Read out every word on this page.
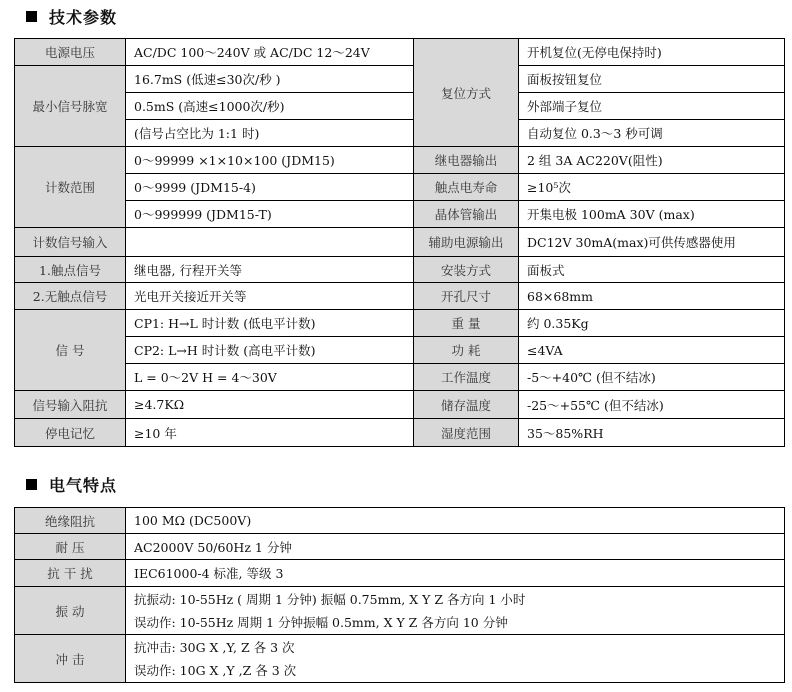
技术参数
电源电压	AC/DC 100～240V 或 AC/DC 12～24V	复位方式	开机复位(无停电保持时)
最小信号脉宽	16.7mS (低速≤30次/秒 )		面板按钮复位
	0.5mS (高速≤1000次/秒)		外部端子复位
	(信号占空比为 1:1 时)		自动复位 0.3～3 秒可调
计数范围	0～99999 ×1×10×100 (JDM15)	继电器输出	2 组 3A AC220V(阻性)
	0～9999 (JDM15-4)	触点电寿命	≥10⁵次
	0～999999 (JDM15-T)	晶体管输出	开集电极 100mA 30V (max)
计数信号输入		辅助电源输出	DC12V 30mA(max)可供传感器使用
1.触点信号	继电器, 行程开关等	安装方式	面板式
2.无触点信号	光电开关接近开关等	开孔尺寸	68×68mm
信 号	CP1: H→L 时计数 (低电平计数)	重 量	约 0.35Kg
	CP2: L→H 时计数 (高电平计数)	功 耗	≤4VA
	L = 0～2V H = 4～30V	工作温度	-5～+40℃ (但不结冰)
信号输入阻抗	≥4.7KΩ	储存温度	-25～+55℃ (但不结冰)
停电记忆	≥10 年	湿度范围	35～85%RH
电气特点
绝缘阻抗	100 MΩ (DC500V)
耐 压	AC2000V 50/60Hz 1 分钟
抗 干 扰	IEC61000-4 标准, 等级 3
振 动	抗振动: 10-55Hz ( 周期 1 分钟) 振幅 0.75mm, X Y Z 各方向 1 小时
	误动作: 10-55Hz 周期 1 分钟振幅 0.5mm, X Y Z 各方向 10 分钟
冲 击	抗冲击: 30G X ,Y, Z 各 3 次
	误动作: 10G X ,Y ,Z 各 3 次
